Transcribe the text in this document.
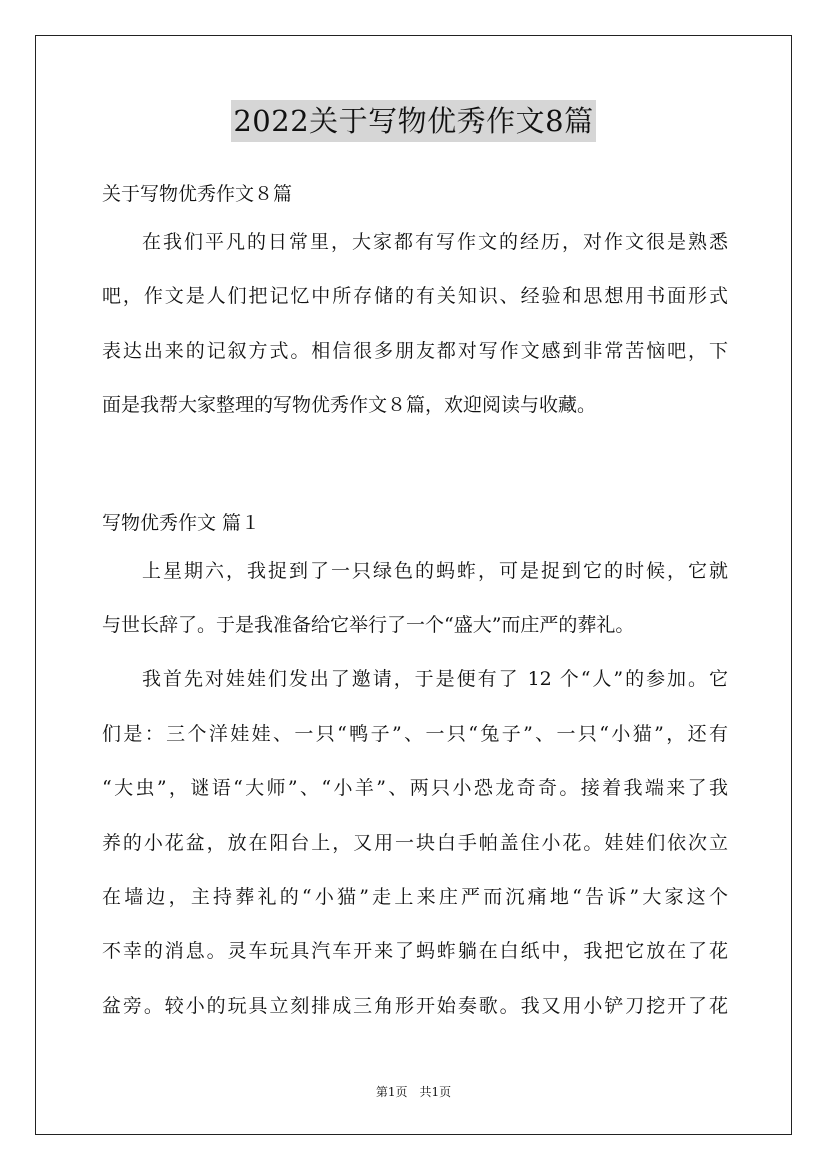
2022关于写物优秀作文8篇
关于写物优秀作文８篇
在我们平凡的日常里，大家都有写作文的经历，对作文很是熟悉
吧，作文是人们把记忆中所存储的有关知识、经验和思想用书面形式
表达出来的记叙方式。相信很多朋友都对写作文感到非常苦恼吧，下
面是我帮大家整理的写物优秀作文８篇，欢迎阅读与收藏。
写物优秀作文 篇１
上星期六，我捉到了一只绿色的蚂蚱，可是捉到它的时候，它就
与世长辞了。于是我准备给它举行了一个“盛大”而庄严的葬礼。
我首先对娃娃们发出了邀请，于是便有了 12 个“人”的参加。它
们是：三个洋娃娃、一只“鸭子”、一只“兔子”、一只“小猫”，还有
“大虫”，谜语“大师”、“小羊”、两只小恐龙奇奇。接着我端来了我
养的小花盆，放在阳台上，又用一块白手帕盖住小花。娃娃们依次立
在墙边，主持葬礼的“小猫”走上来庄严而沉痛地“告诉”大家这个
不幸的消息。灵车玩具汽车开来了蚂蚱躺在白纸中，我把它放在了花
盆旁。较小的玩具立刻排成三角形开始奏歌。我又用小铲刀挖开了花
第1页　共1页
